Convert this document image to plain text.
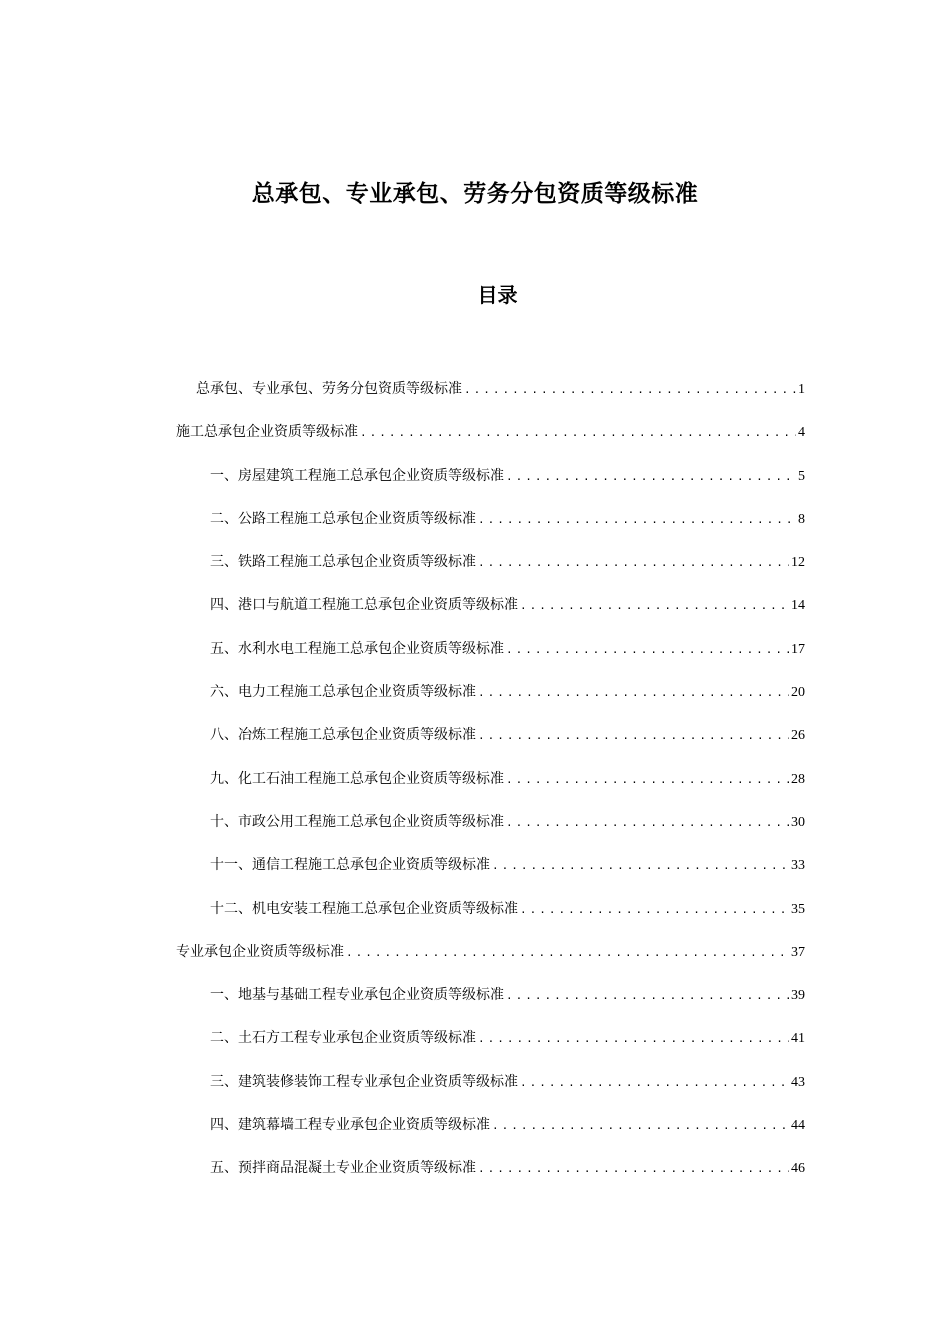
总承包、专业承包、劳务分包资质等级标准
目录
总承包、专业承包、劳务分包资质等级标准 .....	1
施工总承包企业资质等级标准 .....	4
一、房屋建筑工程施工总承包企业资质等级标准 .....	5
二、公路工程施工总承包企业资质等级标准 .....	8
三、铁路工程施工总承包企业资质等级标准 .....	12
四、港口与航道工程施工总承包企业资质等级标准 .....	14
五、水利水电工程施工总承包企业资质等级标准 .....	17
六、电力工程施工总承包企业资质等级标准 .....	20
八、冶炼工程施工总承包企业资质等级标准 .....	26
九、化工石油工程施工总承包企业资质等级标准 .....	28
十、市政公用工程施工总承包企业资质等级标准 .....	30
十一、通信工程施工总承包企业资质等级标准 .....	33
十二、机电安装工程施工总承包企业资质等级标准 .....	35
专业承包企业资质等级标准 .....	37
一、地基与基础工程专业承包企业资质等级标准 .....	39
二、土石方工程专业承包企业资质等级标准 .....	41
三、建筑装修装饰工程专业承包企业资质等级标准 .....	43
四、建筑幕墙工程专业承包企业资质等级标准 .....	44
五、预拌商品混凝土专业企业资质等级标准 .....	46
